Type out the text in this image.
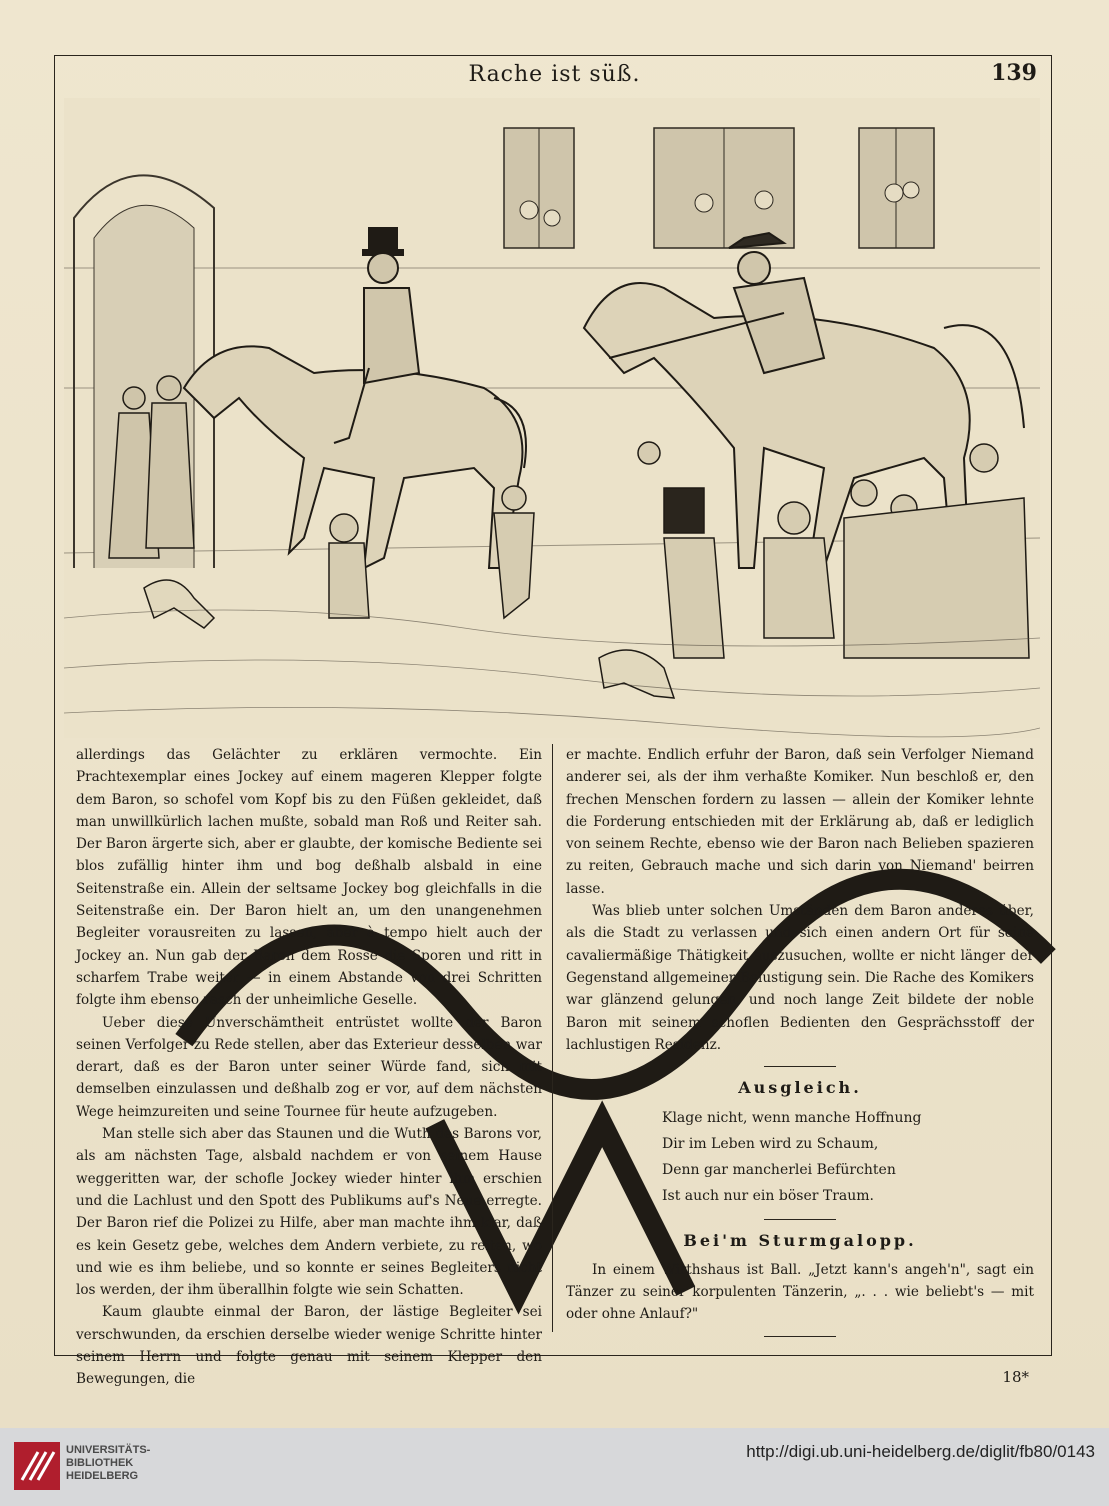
Rache ist süß.	139

allerdings das Gelächter zu erklären vermochte. Ein Prachtexemplar eines Jockey auf einem mageren Klepper folgte dem Baron, so schofel vom Kopf bis zu den Füßen gekleidet, daß man unwillkürlich lachen mußte, sobald man Roß und Reiter sah. Der Baron ärgerte sich, aber er glaubte, der komische Bediente sei blos zufällig hinter ihm und bog deßhalb alsbald in eine Seitenstraße ein. Allein der seltsame Jockey bog gleichfalls in die Seitenstraße ein. Der Baron hielt an, um den unangenehmen Begleiter vorausreiten zu lassen, aber à tempo hielt auch der Jockey an. Nun gab der Baron dem Rosse die Sporen und ritt in scharfem Trabe weiter — in einem Abstande von drei Schritten folgte ihm ebenso rasch der unheimliche Geselle.

Ueber diese Unverschämtheit entrüstet wollte der Baron seinen Verfolger zu Rede stellen, aber das Exterieur desselben war derart, daß es der Baron unter seiner Würde fand, sich mit demselben einzulassen und deßhalb zog er vor, auf dem nächsten Wege heimzureiten und seine Tournee für heute aufzugeben.

Man stelle sich aber das Staunen und die Wuth des Barons vor, als am nächsten Tage, alsbald nachdem er von seinem Hause weggeritten war, der schofle Jockey wieder hinter ihm erschien und die Lachlust und den Spott des Publikums auf's Neue erregte. Der Baron rief die Polizei zu Hilfe, aber man machte ihm klar, daß es kein Gesetz gebe, welches dem Andern verbiete, zu reiten, wo und wie es ihm beliebe, und so konnte er seines Begleiters nicht los werden, der ihm überallhin folgte wie sein Schatten.

Kaum glaubte einmal der Baron, der lästige Begleiter sei verschwunden, da erschien derselbe wieder wenige Schritte hinter seinem Herrn und folgte genau mit seinem Klepper den Bewegungen, die

er machte. Endlich erfuhr der Baron, daß sein Verfolger Niemand anderer sei, als der ihm verhaßte Komiker. Nun beschloß er, den frechen Menschen fordern zu lassen — allein der Komiker lehnte die Forderung entschieden mit der Erklärung ab, daß er lediglich von seinem Rechte, ebenso wie der Baron nach Belieben spazieren zu reiten, Gebrauch mache und sich darin von Niemand' beirren lasse.

Was blieb unter solchen Umständen dem Baron anderes über, als die Stadt zu verlassen und sich einen andern Ort für seine cavaliermäßige Thätigkeit auszusuchen, wollte er nicht länger der Gegenstand allgemeiner Belustigung sein. Die Rache des Komikers war glänzend gelungen, und noch lange Zeit bildete der noble Baron mit seinem schoflen Bedienten den Gesprächsstoff der lachlustigen Residenz.

Ausgleich.
Klage nicht, wenn manche Hoffnung
Dir im Leben wird zu Schaum,
Denn gar mancherlei Befürchten
Ist auch nur ein böser Traum.
Bei'm Sturmgalopp.

In einem Wirthshaus ist Ball. „Jetzt kann's angeh'n", sagt ein Tänzer zu seiner korpulenten Tänzerin, „. . . wie beliebt's — mit oder ohne Anlauf?"

18*
UNIVERSITÄTS-
BIBLIOTHEK
HEIDELBERG
http://digi.ub.uni-heidelberg.de/diglit/fb80/0143
